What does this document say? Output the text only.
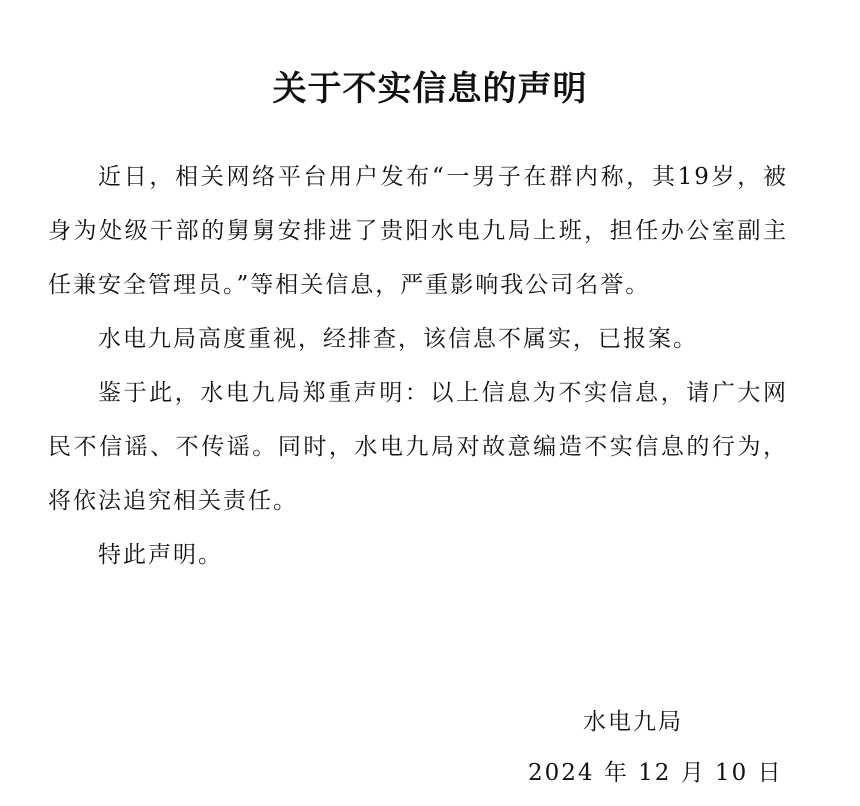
关于不实信息的声明

近日，相关网络平台用户发布“一男子在群内称，其19岁，被身为处级干部的舅舅安排进了贵阳水电九局上班，担任办公室副主任兼安全管理员。”等相关信息，严重影响我公司名誉。

水电九局高度重视，经排查，该信息不属实，已报案。

鉴于此，水电九局郑重声明：以上信息为不实信息，请广大网民不信谣、不传谣。同时，水电九局对故意编造不实信息的行为，将依法追究相关责任。

特此声明。

水电九局
2024 年 12 月 10 日
